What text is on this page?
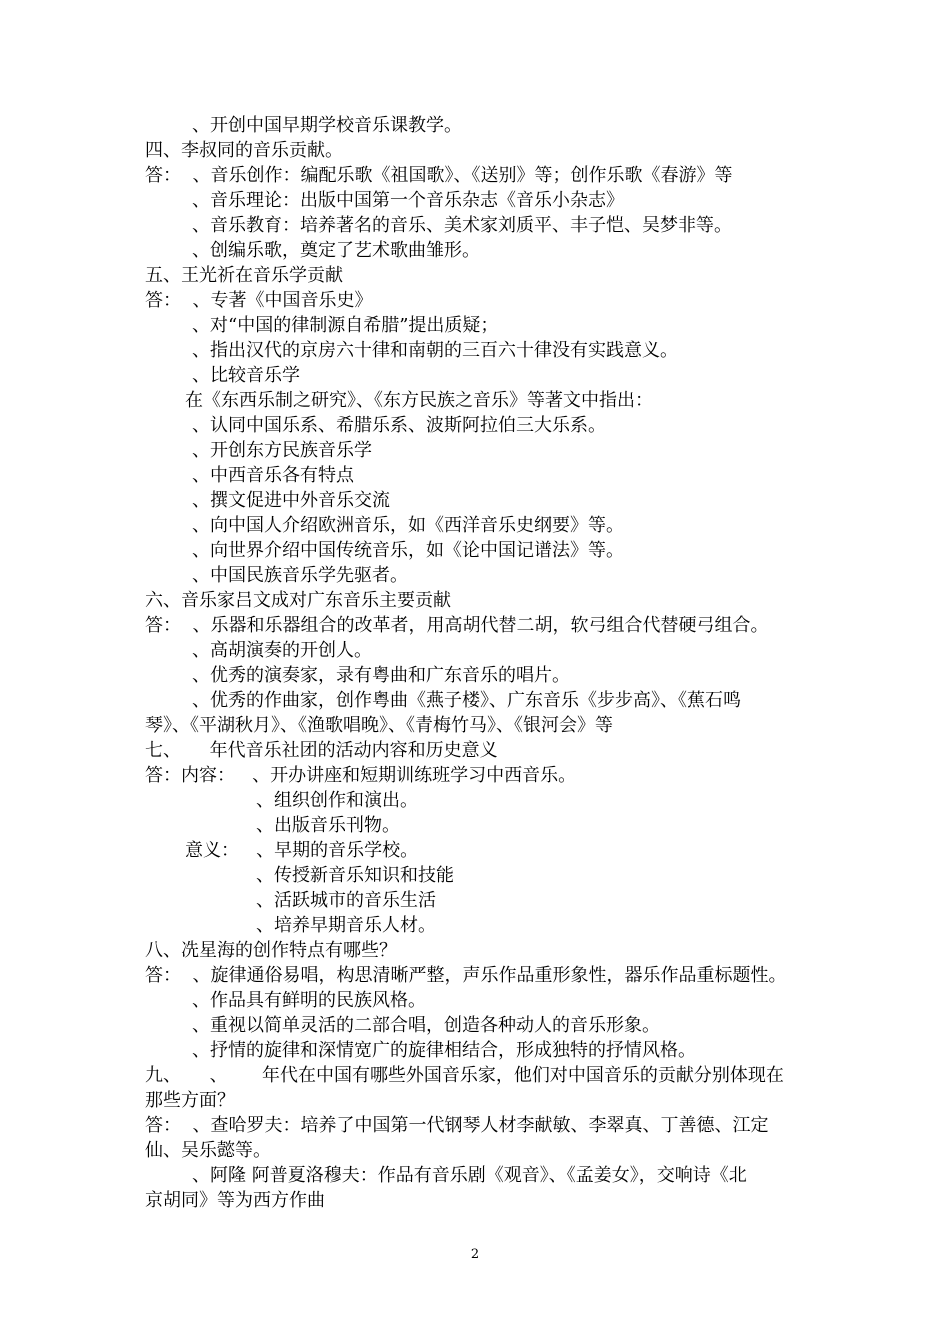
、开创中国早期学校音乐课教学。
四、李叔同的音乐贡献。
答：  、音乐创作：编配乐歌《祖国歌》、《送别》等；创作乐歌《春游》等
、音乐理论：出版中国第一个音乐杂志《音乐小杂志》
、音乐教育：培养著名的音乐、美术家刘质平、丰子恺、吴梦非等。
、创编乐歌，奠定了艺术歌曲雏形。
五、王光祈在音乐学贡献
答：  、专著《中国音乐史》
、对“中国的律制源自希腊”提出质疑；
、指出汉代的京房六十律和南朝的三百六十律没有实践意义。
、比较音乐学
在《东西乐制之研究》、《东方民族之音乐》等著文中指出：
、认同中国乐系、希腊乐系、波斯阿拉伯三大乐系。
、开创东方民族音乐学
、中西音乐各有特点
、撰文促进中外音乐交流
、向中国人介绍欧洲音乐，如《西洋音乐史纲要》等。
、向世界介绍中国传统音乐，如《论中国记谱法》等。
、中国民族音乐学先驱者。
六、音乐家吕文成对广东音乐主要贡献
答：  、乐器和乐器组合的改革者，用高胡代替二胡，软弓组合代替硬弓组合。
、高胡演奏的开创人。
、优秀的演奏家，录有粤曲和广东音乐的唱片。
、优秀的作曲家，创作粤曲《燕子楼》、广东音乐《步步高》、《蕉石鸣
琴》、《平湖秋月》、《渔歌唱晚》、《青梅竹马》、《银河会》等
七、     年代音乐社团的活动内容和历史意义
答：内容：   、开办讲座和短期训练班学习中西音乐。
、组织创作和演出。
、出版音乐刊物。
意义：   、早期的音乐学校。
、传授新音乐知识和技能
、活跃城市的音乐生活
、培养早期音乐人材。
八、冼星海的创作特点有哪些？
答：  、旋律通俗易唱，构思清晰严整，声乐作品重形象性，器乐作品重标题性。
、作品具有鲜明的民族风格。
、重视以简单灵活的二部合唱，创造各种动人的音乐形象。
、抒情的旋律和深情宽广的旋律相结合，形成独特的抒情风格。
九、     、      年代在中国有哪些外国音乐家，他们对中国音乐的贡献分别体现在
那些方面？
答：  、查哈罗夫：培养了中国第一代钢琴人材李献敏、李翠真、丁善德、江定
仙、吴乐懿等。
、阿隆 阿普夏洛穆夫：作品有音乐剧《观音》、《孟姜女》，交响诗《北
京胡同》等为西方作曲
2
